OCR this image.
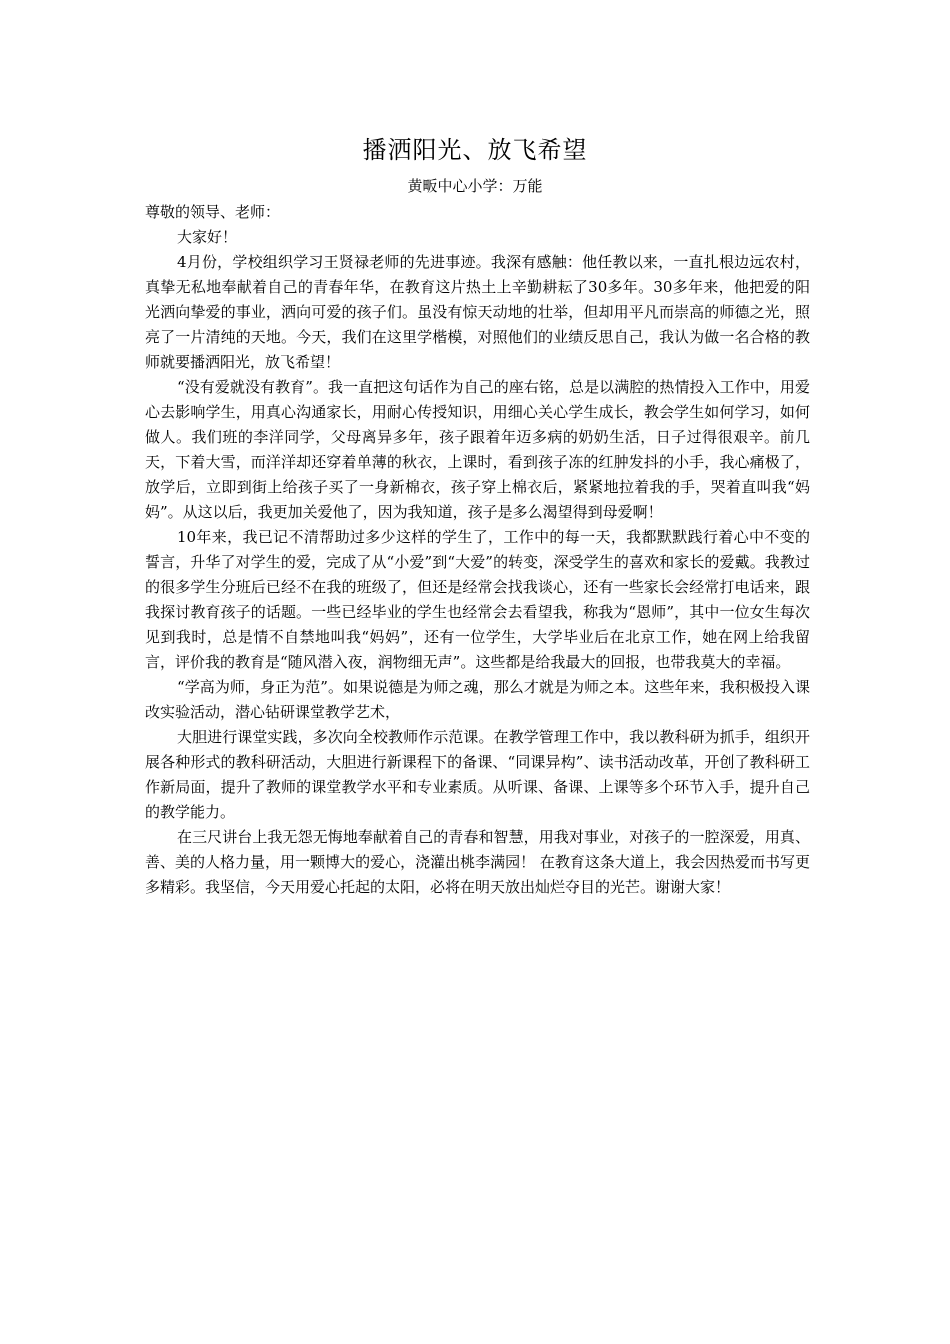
播洒阳光、放飞希望
黄畈中心小学：万能

尊敬的领导、老师：

大家好！

4月份，学校组织学习王贤禄老师的先进事迹。我深有感触：他任教以来，一直扎根边远农村，真挚无私地奉献着自己的青春年华，在教育这片热土上辛勤耕耘了30多年。30多年来，他把爱的阳光洒向挚爱的事业，洒向可爱的孩子们。虽没有惊天动地的壮举，但却用平凡而崇高的师德之光，照亮了一片清纯的天地。今天，我们在这里学楷模，对照他们的业绩反思自己，我认为做一名合格的教师就要播洒阳光，放飞希望！

“没有爱就没有教育”。我一直把这句话作为自己的座右铭，总是以满腔的热情投入工作中，用爱心去影响学生，用真心沟通家长，用耐心传授知识，用细心关心学生成长，教会学生如何学习，如何做人。我们班的李洋同学，父母离异多年，孩子跟着年迈多病的奶奶生活，日子过得很艰辛。前几天，下着大雪，而洋洋却还穿着单薄的秋衣，上课时，看到孩子冻的红肿发抖的小手，我心痛极了，放学后，立即到街上给孩子买了一身新棉衣，孩子穿上棉衣后，紧紧地拉着我的手，哭着直叫我“妈妈”。从这以后，我更加关爱他了，因为我知道，孩子是多么渴望得到母爱啊！

10年来，我已记不清帮助过多少这样的学生了，工作中的每一天，我都默默践行着心中不变的誓言，升华了对学生的爱，完成了从“小爱”到“大爱”的转变，深受学生的喜欢和家长的爱戴。我教过的很多学生分班后已经不在我的班级了，但还是经常会找我谈心，还有一些家长会经常打电话来，跟我探讨教育孩子的话题。一些已经毕业的学生也经常会去看望我，称我为“恩师”，其中一位女生每次见到我时，总是情不自禁地叫我“妈妈”，还有一位学生，大学毕业后在北京工作，她在网上给我留言，评价我的教育是“随风潜入夜，润物细无声”。这些都是给我最大的回报，也带我莫大的幸福。

“学高为师，身正为范”。如果说德是为师之魂，那么才就是为师之本。这些年来，我积极投入课改实验活动，潜心钻研课堂教学艺术，

大胆进行课堂实践，多次向全校教师作示范课。在教学管理工作中，我以教科研为抓手，组织开展各种形式的教科研活动，大胆进行新课程下的备课、“同课异构”、读书活动改革，开创了教科研工作新局面，提升了教师的课堂教学水平和专业素质。从听课、备课、上课等多个环节入手，提升自己的教学能力。

在三尺讲台上我无怨无悔地奉献着自己的青春和智慧，用我对事业，对孩子的一腔深爱，用真、善、美的人格力量，用一颗博大的爱心，浇灌出桃李满园！ 在教育这条大道上，我会因热爱而书写更多精彩。我坚信，今天用爱心托起的太阳，必将在明天放出灿烂夺目的光芒。谢谢大家！
